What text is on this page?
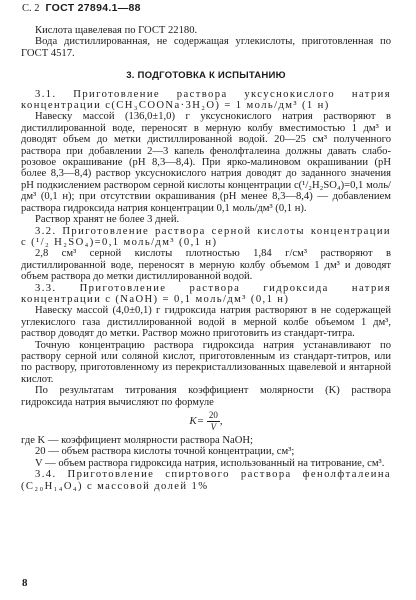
С. 2 ГОСТ 27894.1—88

Кислота щавелевая по ГОСТ 22180.

Вода дистиллированная, не содержащая углекислоты, приготовленная по ГОСТ 4517.

3. ПОДГОТОВКА К ИСПЫТАНИЮ

3.1. Приготовление раствора уксуснокислого натрия концентрации c(CH₃COONa·3H₂O) = 1 моль/дм³ (1 н)

Навеску массой (136,0±1,0) г уксуснокислого натрия растворяют в дистиллированной воде, переносят в мерную колбу вместимостью 1 дм³ и доводят объем до метки дистиллированной водой. 20—25 см³ полученного раствора при добавлении 2—3 капель фенолфталеина должны давать слабо-розовое окрашивание (pH 8,3—8,4). При ярко-малиновом окрашивании (pH более 8,3—8,4) раствор уксуснокислого натрия доводят до заданного значения pH подкислением раствором серной кислоты концентрации c(¹/₂H₂SO₄)=0,1 моль/дм³ (0,1 н); при отсутствии окрашивания (pH менее 8,3—8,4) — добавлением раствора гидроксида натрия концентрации 0,1 моль/дм³ (0,1 н).

Раствор хранят не более 3 дней.

3.2. Приготовление раствора серной кислоты концентрации c (¹/₂ H₂SO₄)=0,1 моль/дм³ (0,1 н)

2,8 см³ серной кислоты плотностью 1,84 г/см³ растворяют в дистиллированной воде, переносят в мерную колбу объемом 1 дм³ и доводят объем раствора до метки дистиллированной водой.

3.3. Приготовление раствора гидроксида натрия концентрации c (NaOH) = 0,1 моль/дм³ (0,1 н)

Навеску массой (4,0±0,1) г гидроксида натрия растворяют в не содержащей углекислого газа дистиллированной водой в мерной колбе объемом 1 дм³, раствор доводят до метки. Раствор можно приготовить из стандарт-титра.

Точную концентрацию раствора гидроксида натрия устанавливают по раствору серной или соляной кислот, приготовленным из стандарт-титров, или по раствору, приготовленному из перекристаллизованных щавелевой и янтарной кислот.

По результатам титрования коэффициент молярности (K) раствора гидроксида натрия вычисляют по формуле

$K= \frac{20}{V}$ ,

где K — коэффициент молярности раствора NaOH;

20 — объем раствора кислоты точной концентрации, см³;

V — объем раствора гидроксида натрия, использованный на титрование, см³.

3.4. Приготовление спиртового раствора фенолфталеина (C₂₀H₁₄O₄) с массовой долей 1%

8
